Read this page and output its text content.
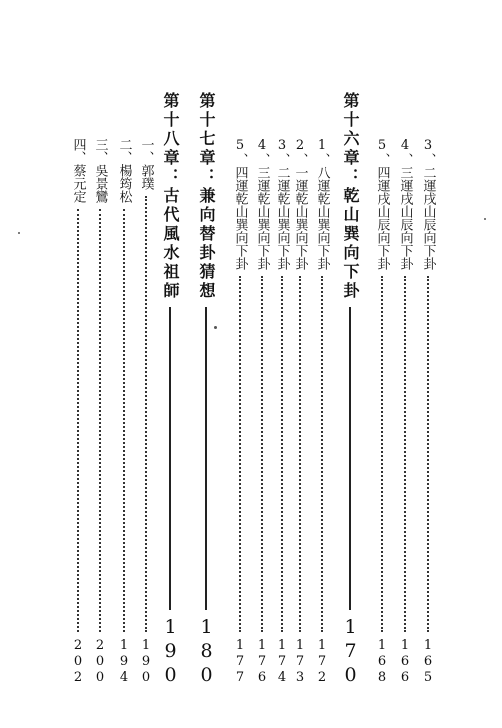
3、二運戌山辰向下卦
165
4、三運戌山辰向下卦
166
5、四運戌山辰向下卦
168
第十六章：乾山巽向下卦
170
1、八運乾山巽向下卦
172
2、一運乾山巽向下卦
173
3、二運乾山巽向下卦
174
4、三運乾山巽向下卦
176
5、四運乾山巽向下卦
177
第十七章：兼向替卦猜想
180
第十八章：古代風水祖師
190
一、郭璞
190
二、楊筠松
194
三、吳景鸞
200
四、蔡元定
202
